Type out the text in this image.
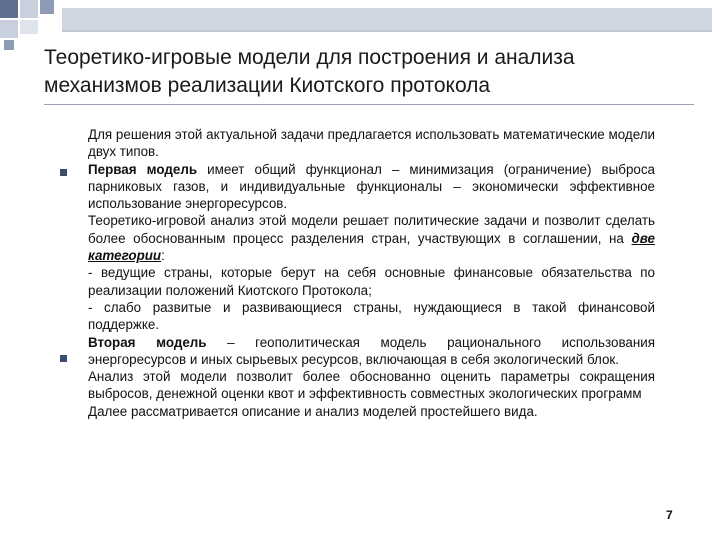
Теоретико-игровые модели для построения и анализа
механизмов реализации Киотского протокола

Для решения этой актуальной задачи предлагается использовать математические модели двух типов.

Первая модель имеет общий функционал – минимизация (ограничение) выброса парниковых газов, и индивидуальные функционалы – экономически эффективное использование энергоресурсов.

Теоретико-игровой анализ этой модели решает политические задачи и позволит сделать более обоснованным процесс разделения стран, участвующих в соглашении, на две категории:

- ведущие страны, которые берут на себя основные финансовые обязательства по реализации положений Киотского Протокола;

- слабо развитые и развивающиеся страны, нуждающиеся в такой финансовой поддержке.

Вторая модель – геополитическая модель рационального использования энергоресурсов и иных сырьевых ресурсов, включающая в себя экологический блок.

Анализ этой модели позволит более обоснованно оценить параметры сокращения выбросов, денежной оценки квот и эффективность совместных экологических программ

Далее рассматривается описание и анализ моделей простейшего вида.

7
